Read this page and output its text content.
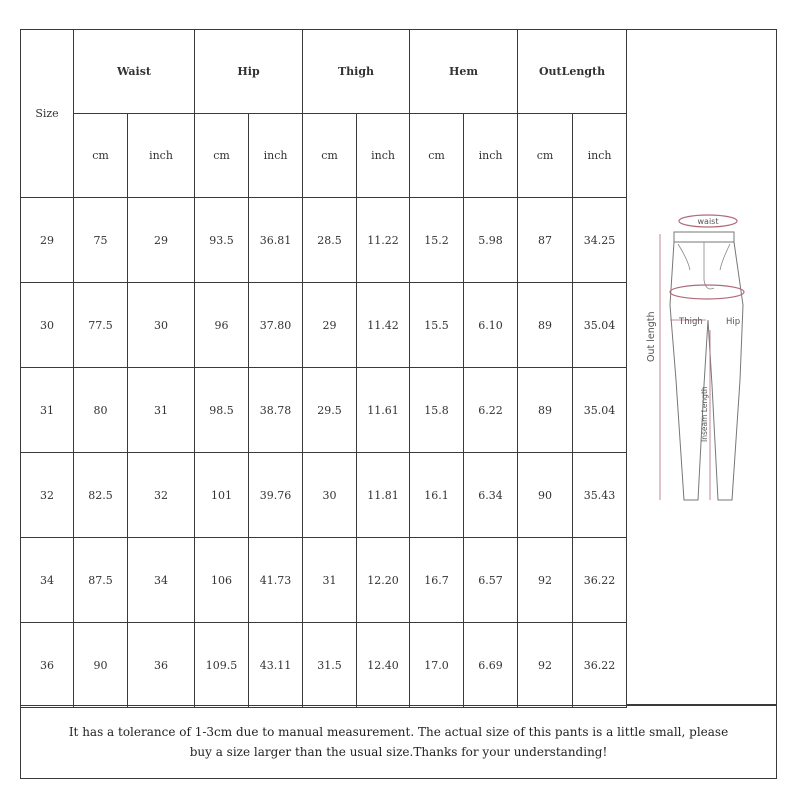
Size	Waist		Hip		Thigh		Hem		OutLength	
	cm	inch	cm	inch	cm	inch	cm	inch	cm	inch
29	75	29	93.5	36.81	28.5	11.22	15.2	5.98	87	34.25
30	77.5	30	96	37.80	29	11.42	15.5	6.10	89	35.04
31	80	31	98.5	38.78	29.5	11.61	15.8	6.22	89	35.04
32	82.5	32	101	39.76	30	11.81	16.1	6.34	90	35.43
34	87.5	34	106	41.73	31	12.20	16.7	6.57	92	36.22
36	90	36	109.5	43.11	31.5	12.40	17.0	6.69	92	36.22
waist
Out length	Thigh	Hip
Inseam Length
It has a tolerance of 1-3cm due to manual measurement. The actual size of this pants is a little small, please buy a size larger than the usual size.Thanks for your understanding!
